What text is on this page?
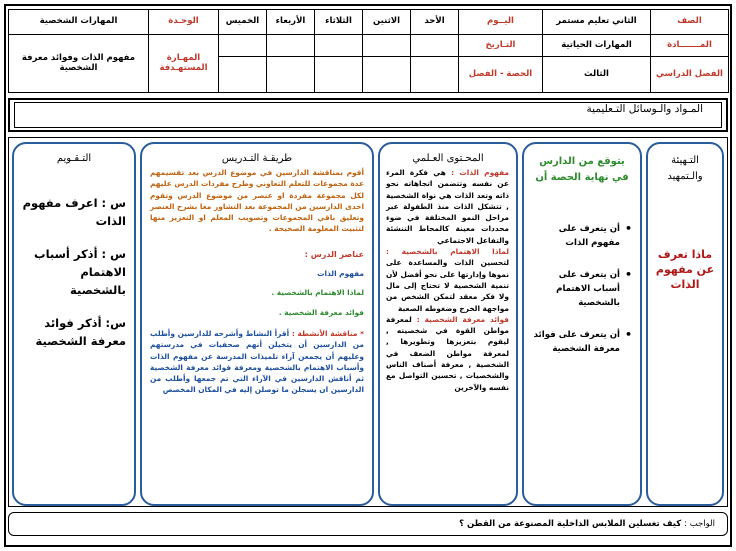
الصف	الثاني تعليم مستمر	اليــوم	الأحد	الاثنين	الثلاثاء	الأربعاء	الخميس	الوحـدة	المهارات الشخصية
المـــــــادة	المهارات الحياتية	التـاريخ						المهـارة المستهـدفة	مفهوم الذات وفوائد معرفة الشخصية
الفصل الدراسي	الثالث	الحصة - الفصل							
المـواد والـوسائل التـعليمية
التـهيئة والـتمهيد
ماذا تعرف عن مفهوم الذات
يتوقع من الدارس في نهاية الحصة أن
• أن يتعرف على مفهوم الذات
• أن يتعرف على أسباب الاهتمام بالشخصية
• أن يتعرف على فوائد معرفة الشخصية
المحـتوى العـلمي

مفهوم الذات : هي فكرة المرء عن نفسه وتتضمن اتجاهاته نحو ذاته وتعد الذات هي نواة الشخصية , تتشكل الذات منذ الطفولة عبر مراحل النمو المختلفة في ضوء محددات معينة كالمحاط التنشئة والتفاعل الاجتماعي

لماذا الاهتمام بالشخصية : لتحسين الذات والمساعدة على نموها وإدارتها على نحو أفضل لأن تنمية الشخصية لا تحتاج إلى مال ولا فكر معقد لتمكن الشخص من مواجهة الخرج وضغوطه الصعبة

فوائد معرفة الشخصية : لمعرفة مواطن القوة في شخصيته , ليقوم بتعزيزها وتطويرها , لمعرفة مواطن الضعف في الشخصية , معرفة أصناف الناس والشخصيات , تحسين التواصل مع نفسه والآخرين

طريقـة التـدريس

أقوم بمناقشة الدارسين في موضوع الدرس بعد تقسيمهم عدة مجموعات للتعلم التعاوني وطرح مفردات الدرس عليهم لكل مجموعة مفردة او عنصر من موضوع الدرس وتقوم احدى الدارسين من المجموعة بعد التشاور معا بشرح العنصر وتعليق باقي المجموعات وتصويب المعلم او التعزيز منها لتثبيت المعلومة الصحيحة .

عناصر الدرس :

مفهوم الذات

لماذا الاهتمام بالشخصية .

فوائد معرفة الشخصية .

* مناقشة الأنشطة : أقرأ النشاط وأشرحه للدارسين وأطلب من الدارسين أن يتخيلن أنهم صحفيات في مدرستهم وعليهم أن يجمعن آراء تلميذات المدرسة عن مفهوم الذات وأسباب الاهتمام بالشخصية ومعرفة فوائد معرفة الشخصية ثم أناقش الدارسين في الآراء التي تم جمعها وأطلب من الدارسين ان يسجلن ما توصلن إليه في المكان المخصص

التـقـويم
س : اعرف مفهوم الذات
س : أذكر أسباب الاهتمام بالشخصية
س: أذكر فوائد معرفة الشخصية
الواجب : كيف تغسلين الملابس الداخلية المصنوعة من القطن ؟
